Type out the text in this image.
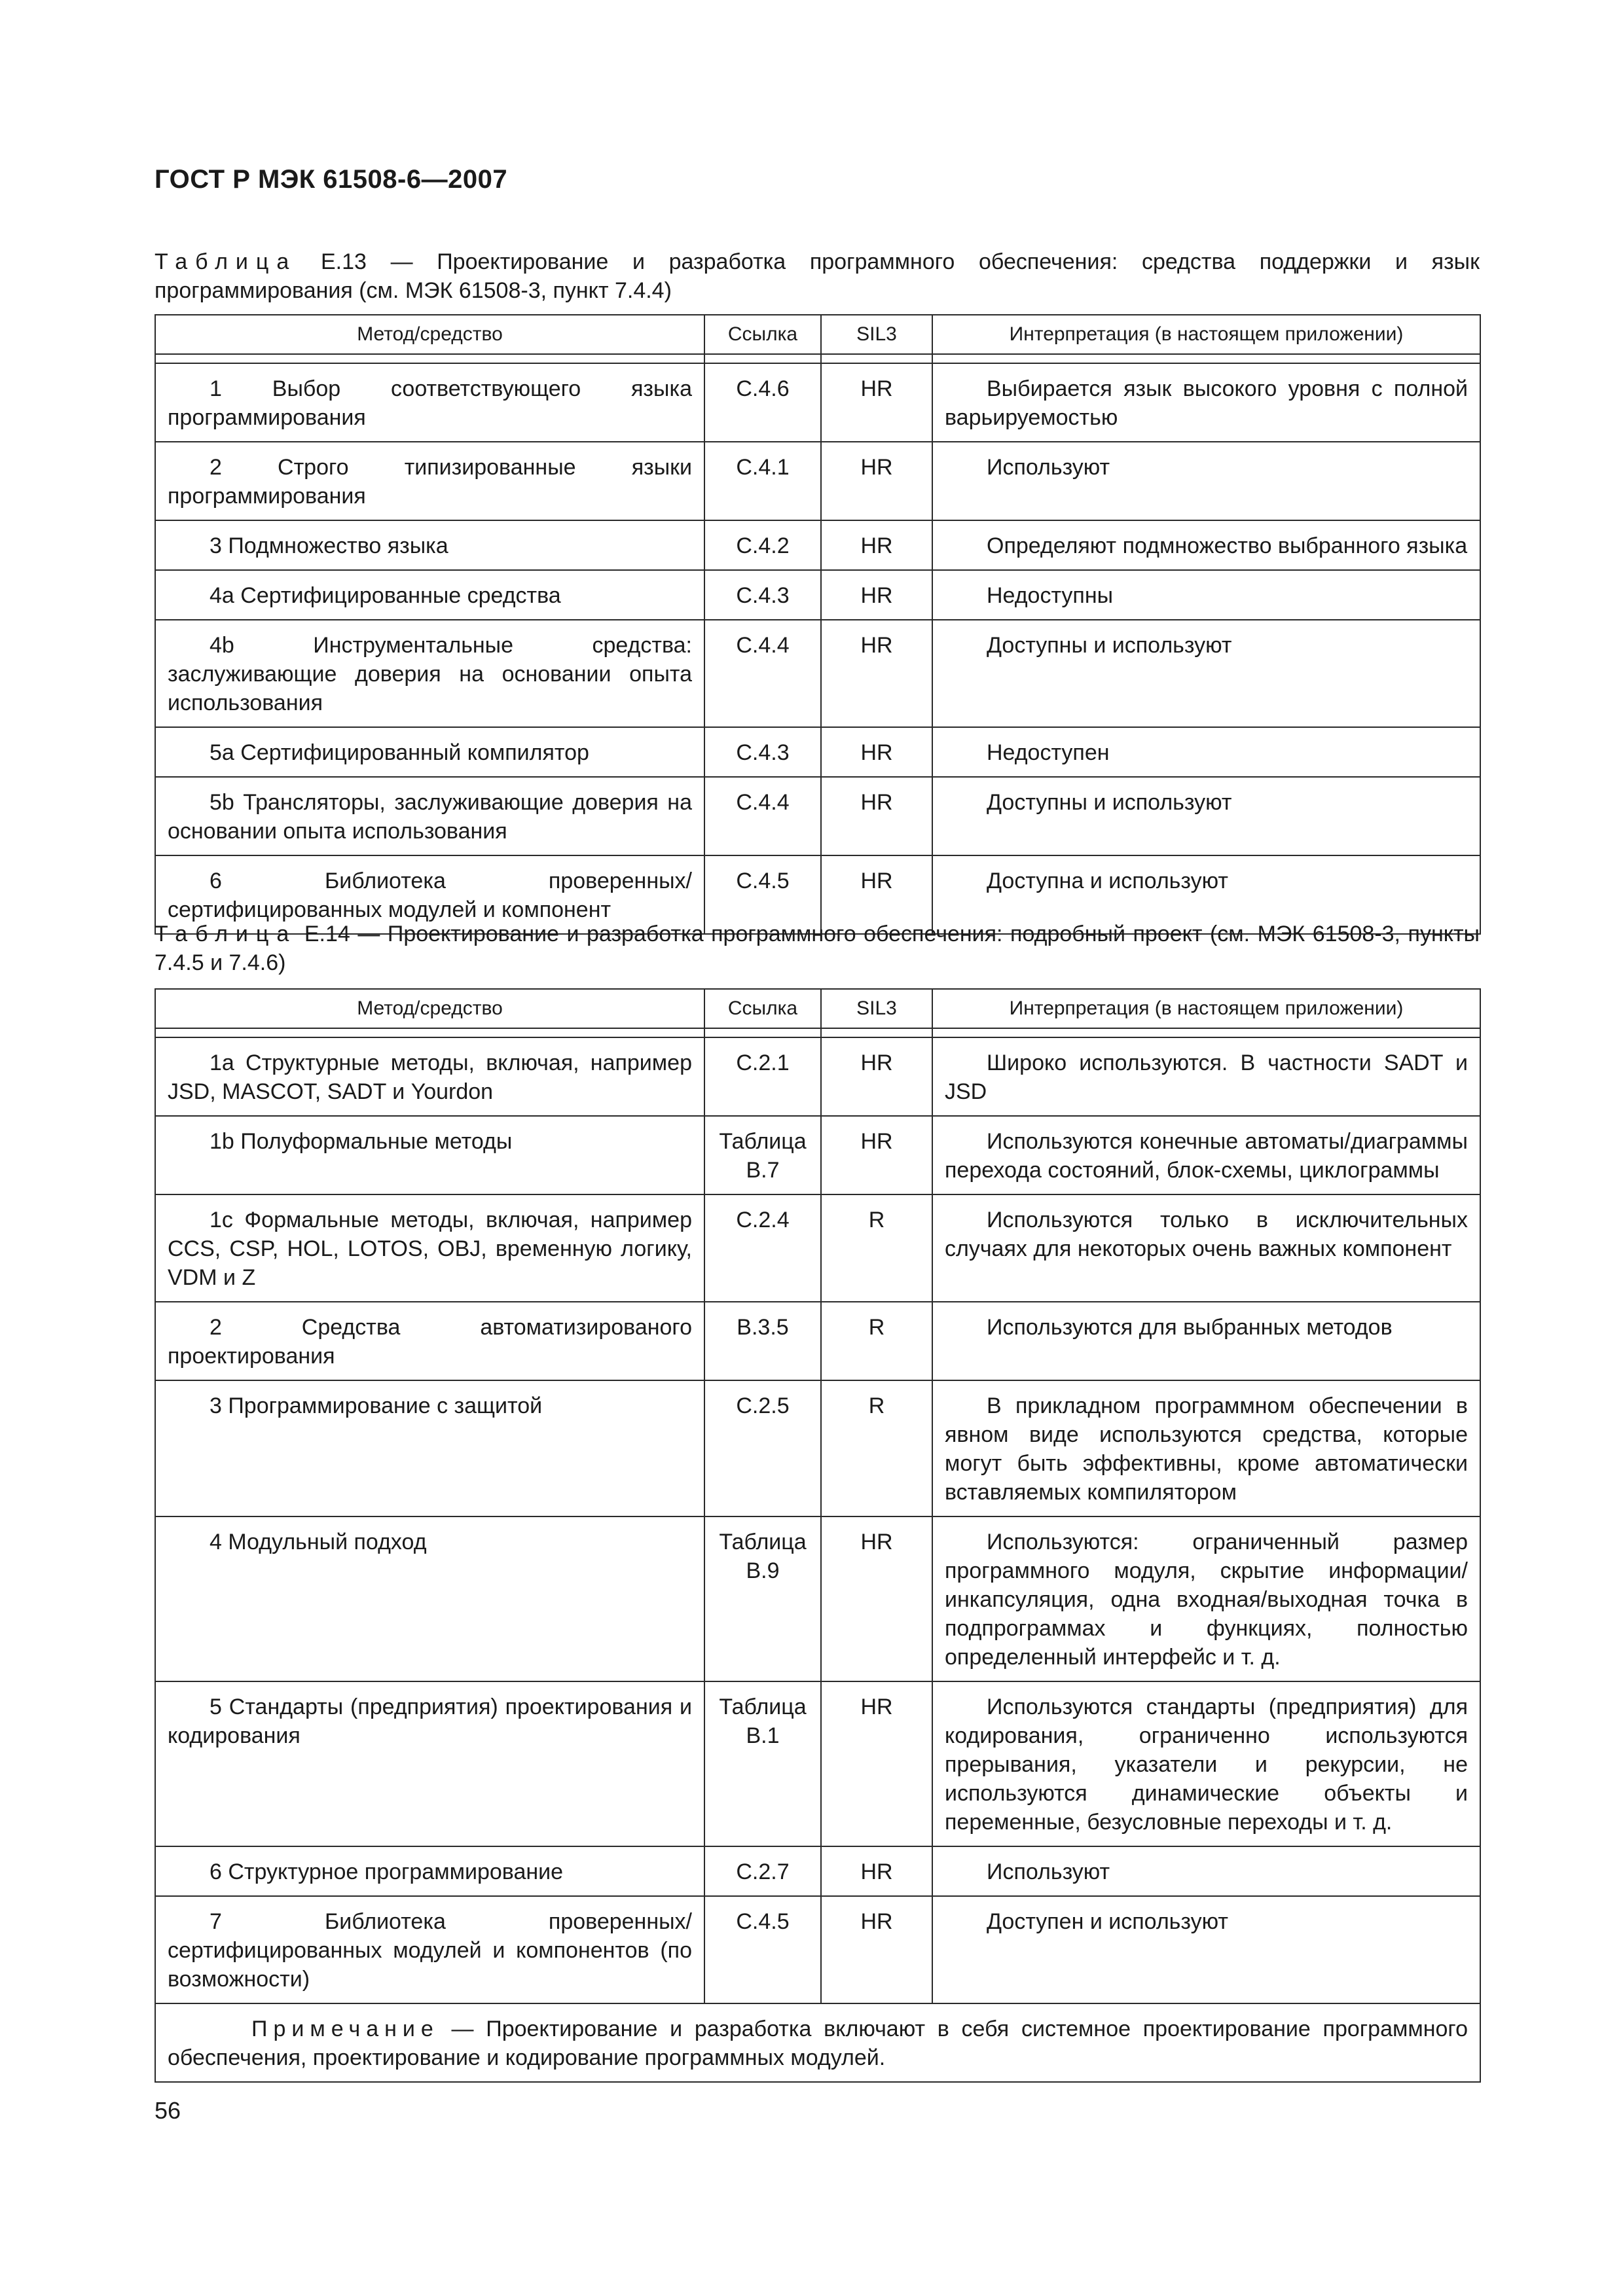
ГОСТ Р МЭК 61508-6—2007
Таблица Е.13 — Проектирование и разработка программного обеспечения: средства поддержки и язык программирования (см. МЭК 61508-3, пункт 7.4.4)
Метод/средство	Ссылка	SIL3	Интерпретация (в настоящем приложении)

1 Выбор соответствующего языка программирования	С.4.6	HR	Выбирается язык высокого уровня с полной варьируемостью
2 Строго типизированные языки программирования	С.4.1	HR	Используют
3 Подмножество языка	С.4.2	HR	Определяют подмножество выбранного языка
4a Сертифицированные средства	С.4.3	HR	Недоступны
4b Инструментальные средства: заслуживающие доверия на основании опыта использования	С.4.4	HR	Доступны и используют
5a Сертифицированный компилятор	С.4.3	HR	Недоступен
5b Трансляторы, заслуживающие доверия на основании опыта использования	С.4.4	HR	Доступны и используют
6 Библиотека проверенных/сертифицированных модулей и компонент	С.4.5	HR	Доступна и используют
Таблица Е.14 — Проектирование и разработка программного обеспечения: подробный проект (см. МЭК 61508-3, пункты 7.4.5 и 7.4.6)
Метод/средство	Ссылка	SIL3	Интерпретация (в настоящем приложении)

1a Структурные методы, включая, например JSD, MASCOT, SADT и Yourdon	С.2.1	HR	Широко используются. В частности SADT и JSD
1b Полуформальные методы	Таблица В.7	HR	Используются конечные автоматы/диаграммы перехода состояний, блок-схемы, циклограммы
1c Формальные методы, включая, например CCS, CSP, HOL, LOTOS, OBJ, временную логику, VDM и Z	С.2.4	R	Используются только в исключительных случаях для некоторых очень важных компонент
2 Средства автоматизированого проектирования	В.3.5	R	Используются для выбранных методов
3 Программирование с защитой	С.2.5	R	В прикладном программном обеспечении в явном виде используются средства, которые могут быть эффективны, кроме автоматически вставляемых компилятором
4 Модульный подход	Таблица В.9	HR	Используются: ограниченный размер программного модуля, скрытие информации/инкапсуляция, одна входная/выходная точка в подпрограммах и функциях, полностью определенный интерфейс и т. д.
5 Стандарты (предприятия) проектирования и кодирования	Таблица В.1	HR	Используются стандарты (предприятия) для кодирования, ограниченно используются прерывания, указатели и рекурсии, не используются динамические объекты и переменные, безусловные переходы и т. д.
6 Структурное программирование	С.2.7	HR	Используют
7 Библиотека проверенных/сертифицированных модулей и компонентов (по возможности)	С.4.5	HR	Доступен и используют
Примечание — Проектирование и разработка включают в себя системное проектирование программного обеспечения, проектирование и кодирование программных модулей.			
56
